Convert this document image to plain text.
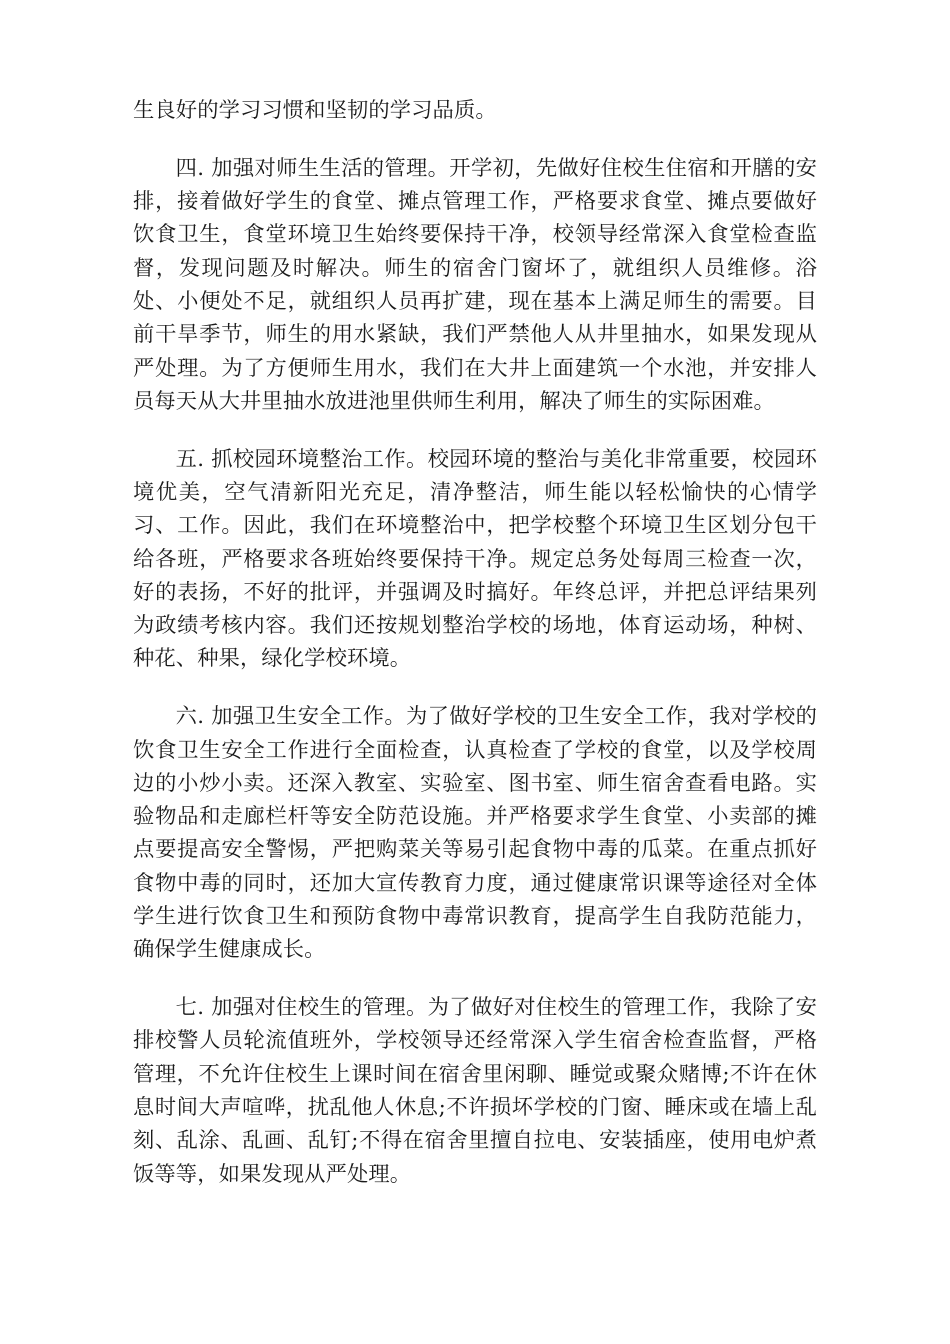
生良好的学习习惯和坚韧的学习品质。

四. 加强对师生生活的管理。开学初，先做好住校生住宿和开膳的安排，接着做好学生的食堂、摊点管理工作，严格要求食堂、摊点要做好饮食卫生，食堂环境卫生始终要保持干净，校领导经常深入食堂检查监督，发现问题及时解决。师生的宿舍门窗坏了，就组织人员维修。浴处、小便处不足，就组织人员再扩建，现在基本上满足师生的需要。目前干旱季节，师生的用水紧缺，我们严禁他人从井里抽水，如果发现从严处理。为了方便师生用水，我们在大井上面建筑一个水池，并安排人员每天从大井里抽水放进池里供师生利用，解决了师生的实际困难。

五. 抓校园环境整治工作。校园环境的整治与美化非常重要，校园环境优美，空气清新阳光充足，清净整洁，师生能以轻松愉快的心情学习、工作。因此，我们在环境整治中，把学校整个环境卫生区划分包干给各班，严格要求各班始终要保持干净。规定总务处每周三检查一次，好的表扬，不好的批评，并强调及时搞好。年终总评，并把总评结果列为政绩考核内容。我们还按规划整治学校的场地，体育运动场，种树、种花、种果，绿化学校环境。

六. 加强卫生安全工作。为了做好学校的卫生安全工作，我对学校的饮食卫生安全工作进行全面检查，认真检查了学校的食堂，以及学校周边的小炒小卖。还深入教室、实验室、图书室、师生宿舍查看电路。实验物品和走廊栏杆等安全防范设施。并严格要求学生食堂、小卖部的摊点要提高安全警惕，严把购菜关等易引起食物中毒的瓜菜。在重点抓好食物中毒的同时，还加大宣传教育力度，通过健康常识课等途径对全体学生进行饮食卫生和预防食物中毒常识教育，提高学生自我防范能力，确保学生健康成长。

七. 加强对住校生的管理。为了做好对住校生的管理工作，我除了安排校警人员轮流值班外，学校领导还经常深入学生宿舍检查监督，严格管理，不允许住校生上课时间在宿舍里闲聊、睡觉或聚众赌博;不许在休息时间大声喧哗，扰乱他人休息;不许损坏学校的门窗、睡床或在墙上乱刻、乱涂、乱画、乱钉;不得在宿舍里擅自拉电、安装插座，使用电炉煮饭等等，如果发现从严处理。
